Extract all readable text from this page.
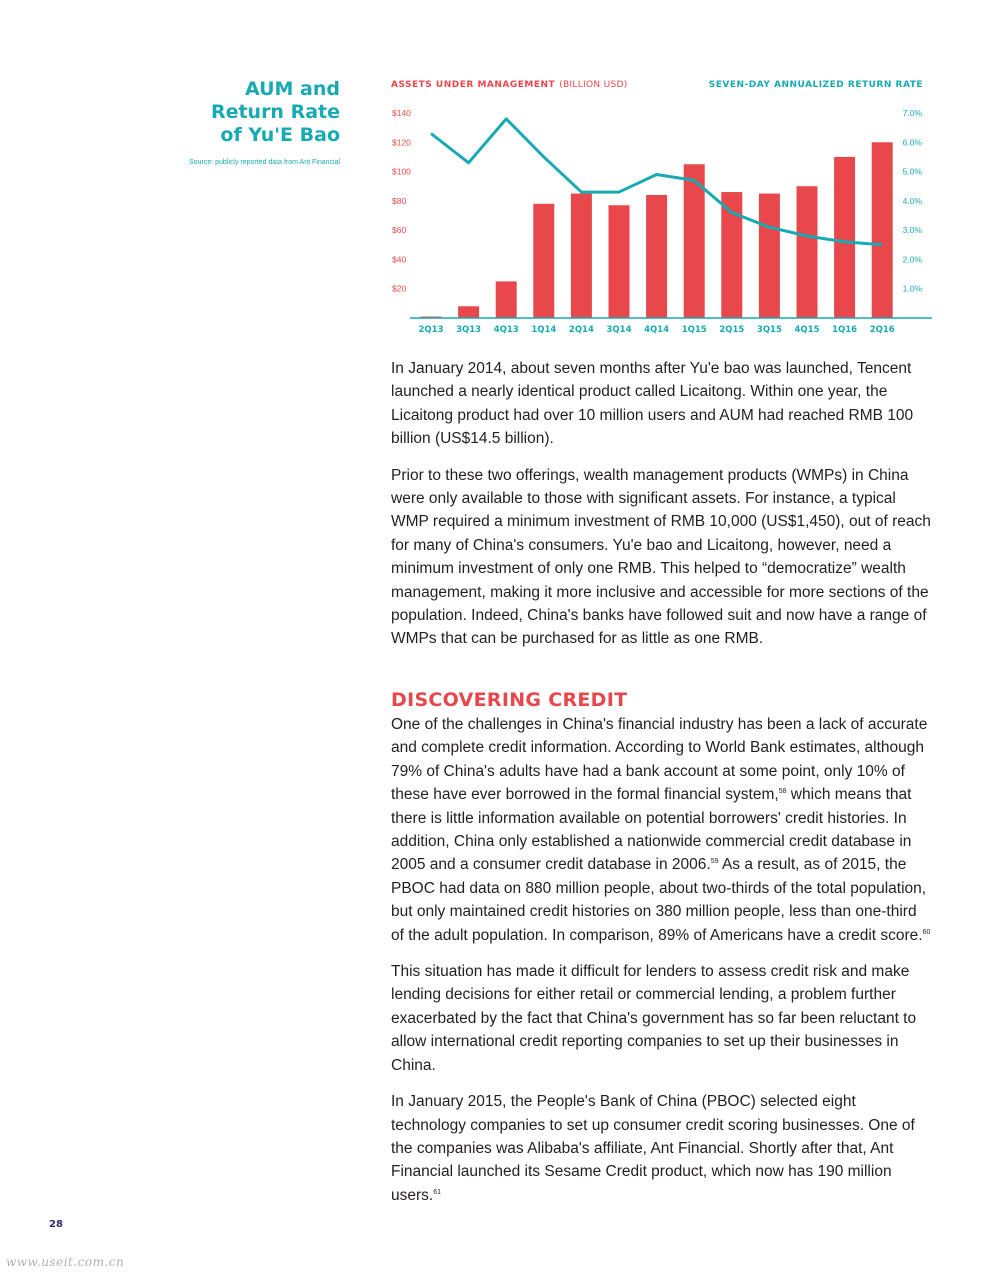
AUM and
Return Rate
of Yu'E Bao
Source: publicly reported data from Ant Financial
ASSETS UNDER MANAGEMENT (BILLION USD)	SEVEN-DAY ANNUALIZED RETURN RATE
$20
$40
$60
$80
$100
$120
$140
1.0%
2.0%
3.0%
4.0%
5.0%
6.0%
7.0%
2Q13 3Q13 4Q13 1Q14 2Q14 3Q14 4Q14 1Q15 2Q15 3Q15 4Q15 1Q16 2Q16

In January 2014, about seven months after Yu'e bao was launched, Tencent launched a nearly identical product called Licaitong. Within one year, the Licaitong product had over 10 million users and AUM had reached RMB 100 billion (US$14.5 billion).

Prior to these two offerings, wealth management products (WMPs) in China were only available to those with significant assets. For instance, a typical WMP required a minimum investment of RMB 10,000 (US$1,450), out of reach for many of China's consumers. Yu'e bao and Licaitong, however, need a minimum investment of only one RMB. This helped to “democratize” wealth management, making it more inclusive and accessible for more sections of the population. Indeed, China's banks have followed suit and now have a range of WMPs that can be purchased for as little as one RMB.

DISCOVERING CREDIT

One of the challenges in China's financial industry has been a lack of accurate and complete credit information. According to World Bank estimates, although 79% of China's adults have had a bank account at some point, only 10% of these have ever borrowed in the formal financial system,$^{58}$ which means that there is little information available on potential borrowers' credit histories. In addition, China only established a nationwide commercial credit database in 2005 and a consumer credit database in 2006.59 As a result, as of 2015, the PBOC had data on 880 million people, about two-thirds of the total population, but only maintained credit histories on 380 million people, less than one-third of the adult population. In comparison, 89% of Americans have a credit score.$^{60}$

This situation has made it difficult for lenders to assess credit risk and make lending decisions for either retail or commercial lending, a problem further exacerbated by the fact that China's government has so far been reluctant to allow international credit reporting companies to set up their businesses in China.

In January 2015, the People's Bank of China (PBOC) selected eight technology companies to set up consumer credit scoring businesses. One of the companies was Alibaba's affiliate, Ant Financial. Shortly after that, Ant Financial launched its Sesame Credit product, which now has 190 million users.$^{61}$

28
www.useit.com.cn
